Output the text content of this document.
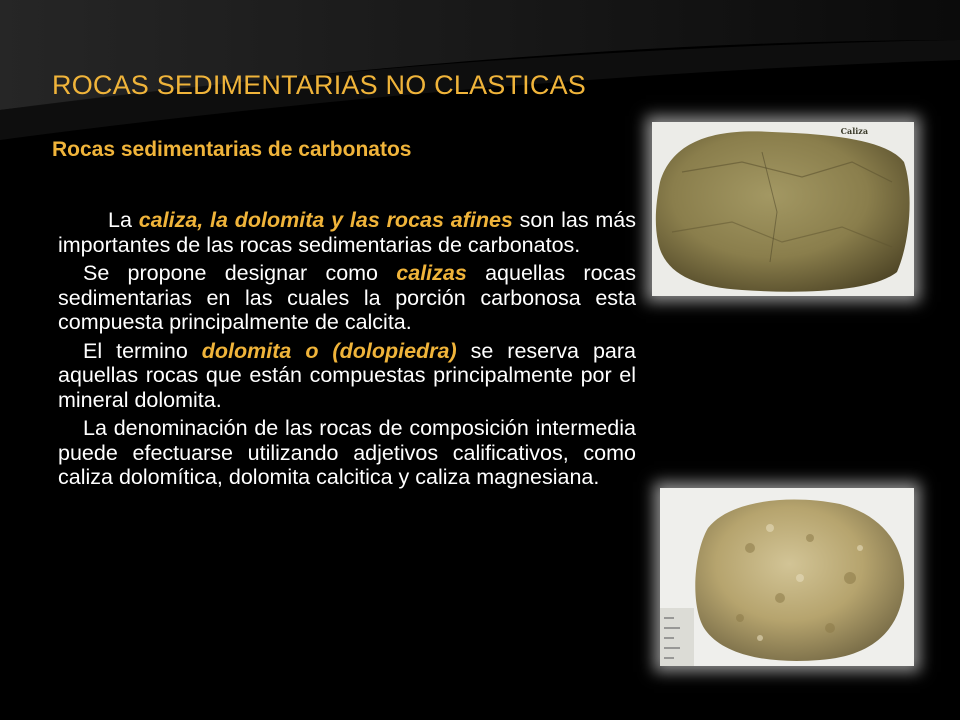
ROCAS SEDIMENTARIAS NO CLASTICAS
Rocas sedimentarias de carbonatos
La caliza, la dolomita y las rocas afines son las más importantes de las rocas sedimentarias de carbonatos.
Se propone designar como calizas aquellas rocas sedimentarias en las cuales la porción carbonosa esta compuesta principalmente de calcita.
El termino dolomita o (dolopiedra) se reserva para aquellas rocas que están compuestas principalmente por el mineral dolomita.
La denominación de las rocas de composición intermedia puede efectuarse utilizando adjetivos calificativos, como caliza dolomítica, dolomita calcitica y caliza magnesiana.
Caliza
